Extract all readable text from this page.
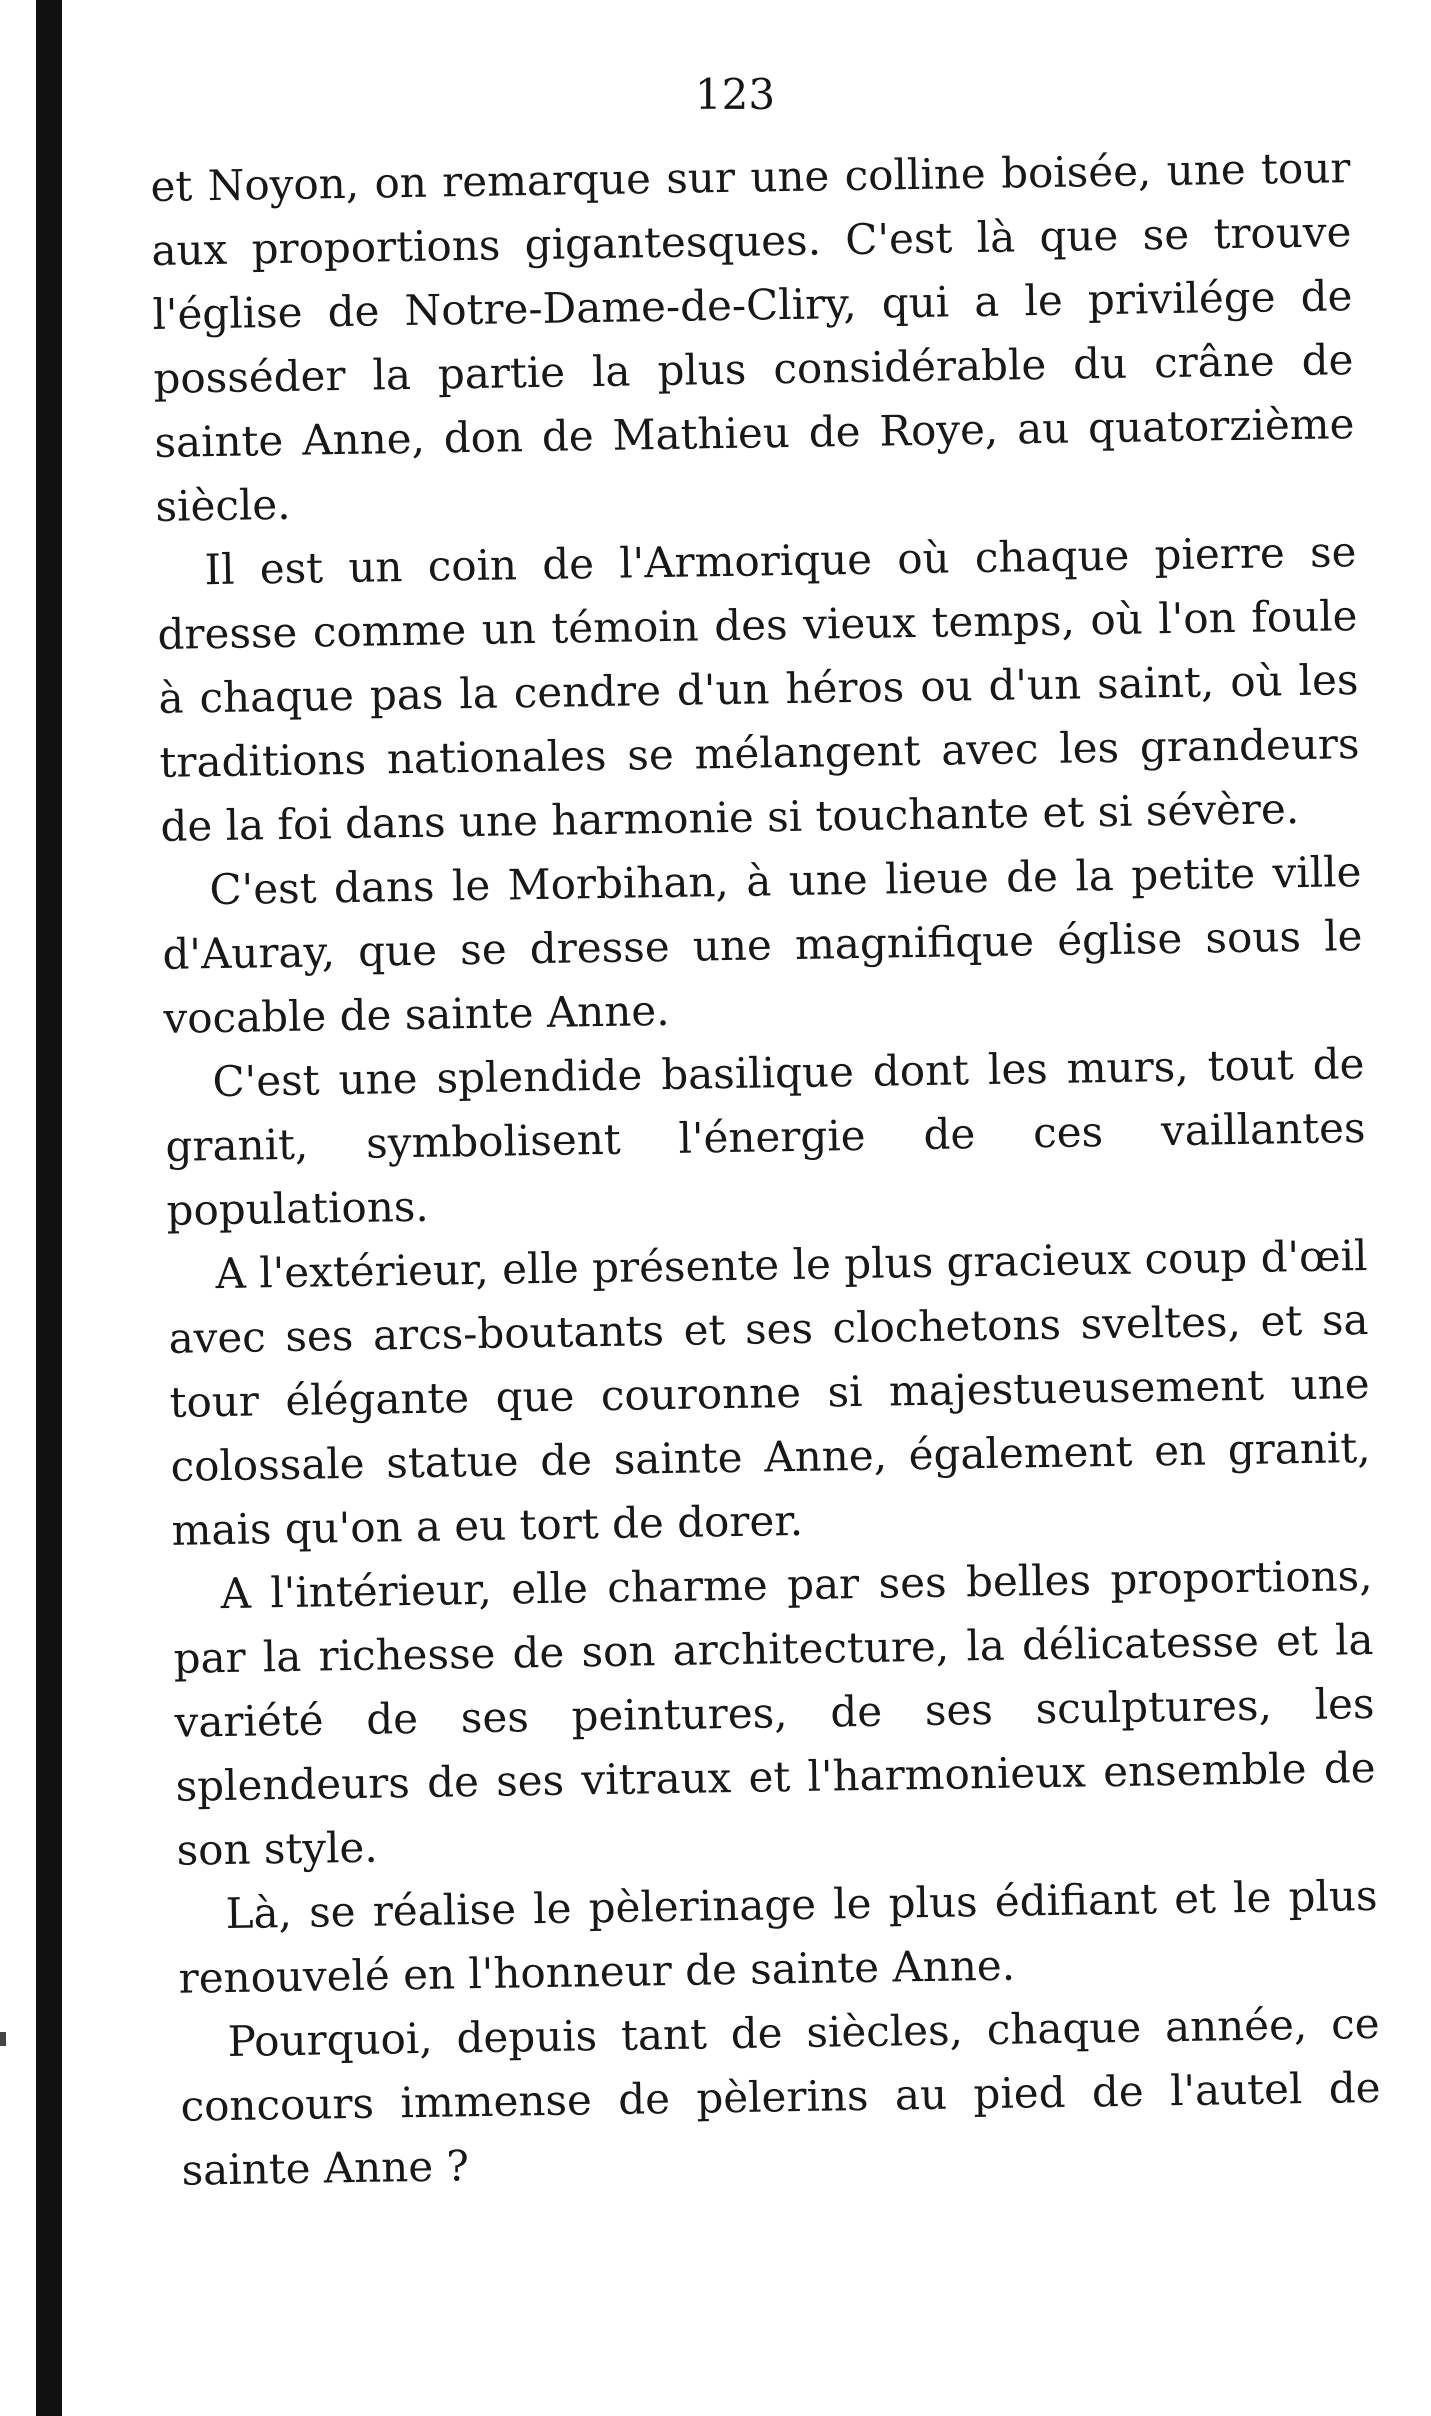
123

et Noyon, on remarque sur une colline boisée, une tour aux proportions gigantesques. C'est là que se trouve l'église de Notre-Dame-de-Cliry, qui a le privilége de posséder la partie la plus considérable du crâne de sainte Anne, don de Mathieu de Roye, au quatorzième siècle.

Il est un coin de l'Armorique où chaque pierre se dresse comme un témoin des vieux temps, où l'on foule à chaque pas la cendre d'un héros ou d'un saint, où les traditions nationales se mélangent avec les grandeurs de la foi dans une harmonie si touchante et si sévère.

C'est dans le Morbihan, à une lieue de la petite ville d'Auray, que se dresse une magnifique église sous le vocable de sainte Anne.

C'est une splendide basilique dont les murs, tout de granit, symbolisent l'énergie de ces vaillantes populations.

A l'extérieur, elle présente le plus gracieux coup d'œil avec ses arcs-boutants et ses clochetons sveltes, et sa tour élégante que couronne si majestueusement une colossale statue de sainte Anne, également en granit, mais qu'on a eu tort de dorer.

A l'intérieur, elle charme par ses belles proportions, par la richesse de son architecture, la délicatesse et la variété de ses peintures, de ses sculptures, les splendeurs de ses vitraux et l'harmonieux ensemble de son style.

Là, se réalise le pèlerinage le plus édifiant et le plus renouvelé en l'honneur de sainte Anne.

Pourquoi, depuis tant de siècles, chaque année, ce concours immense de pèlerins au pied de l'autel de sainte Anne ?
